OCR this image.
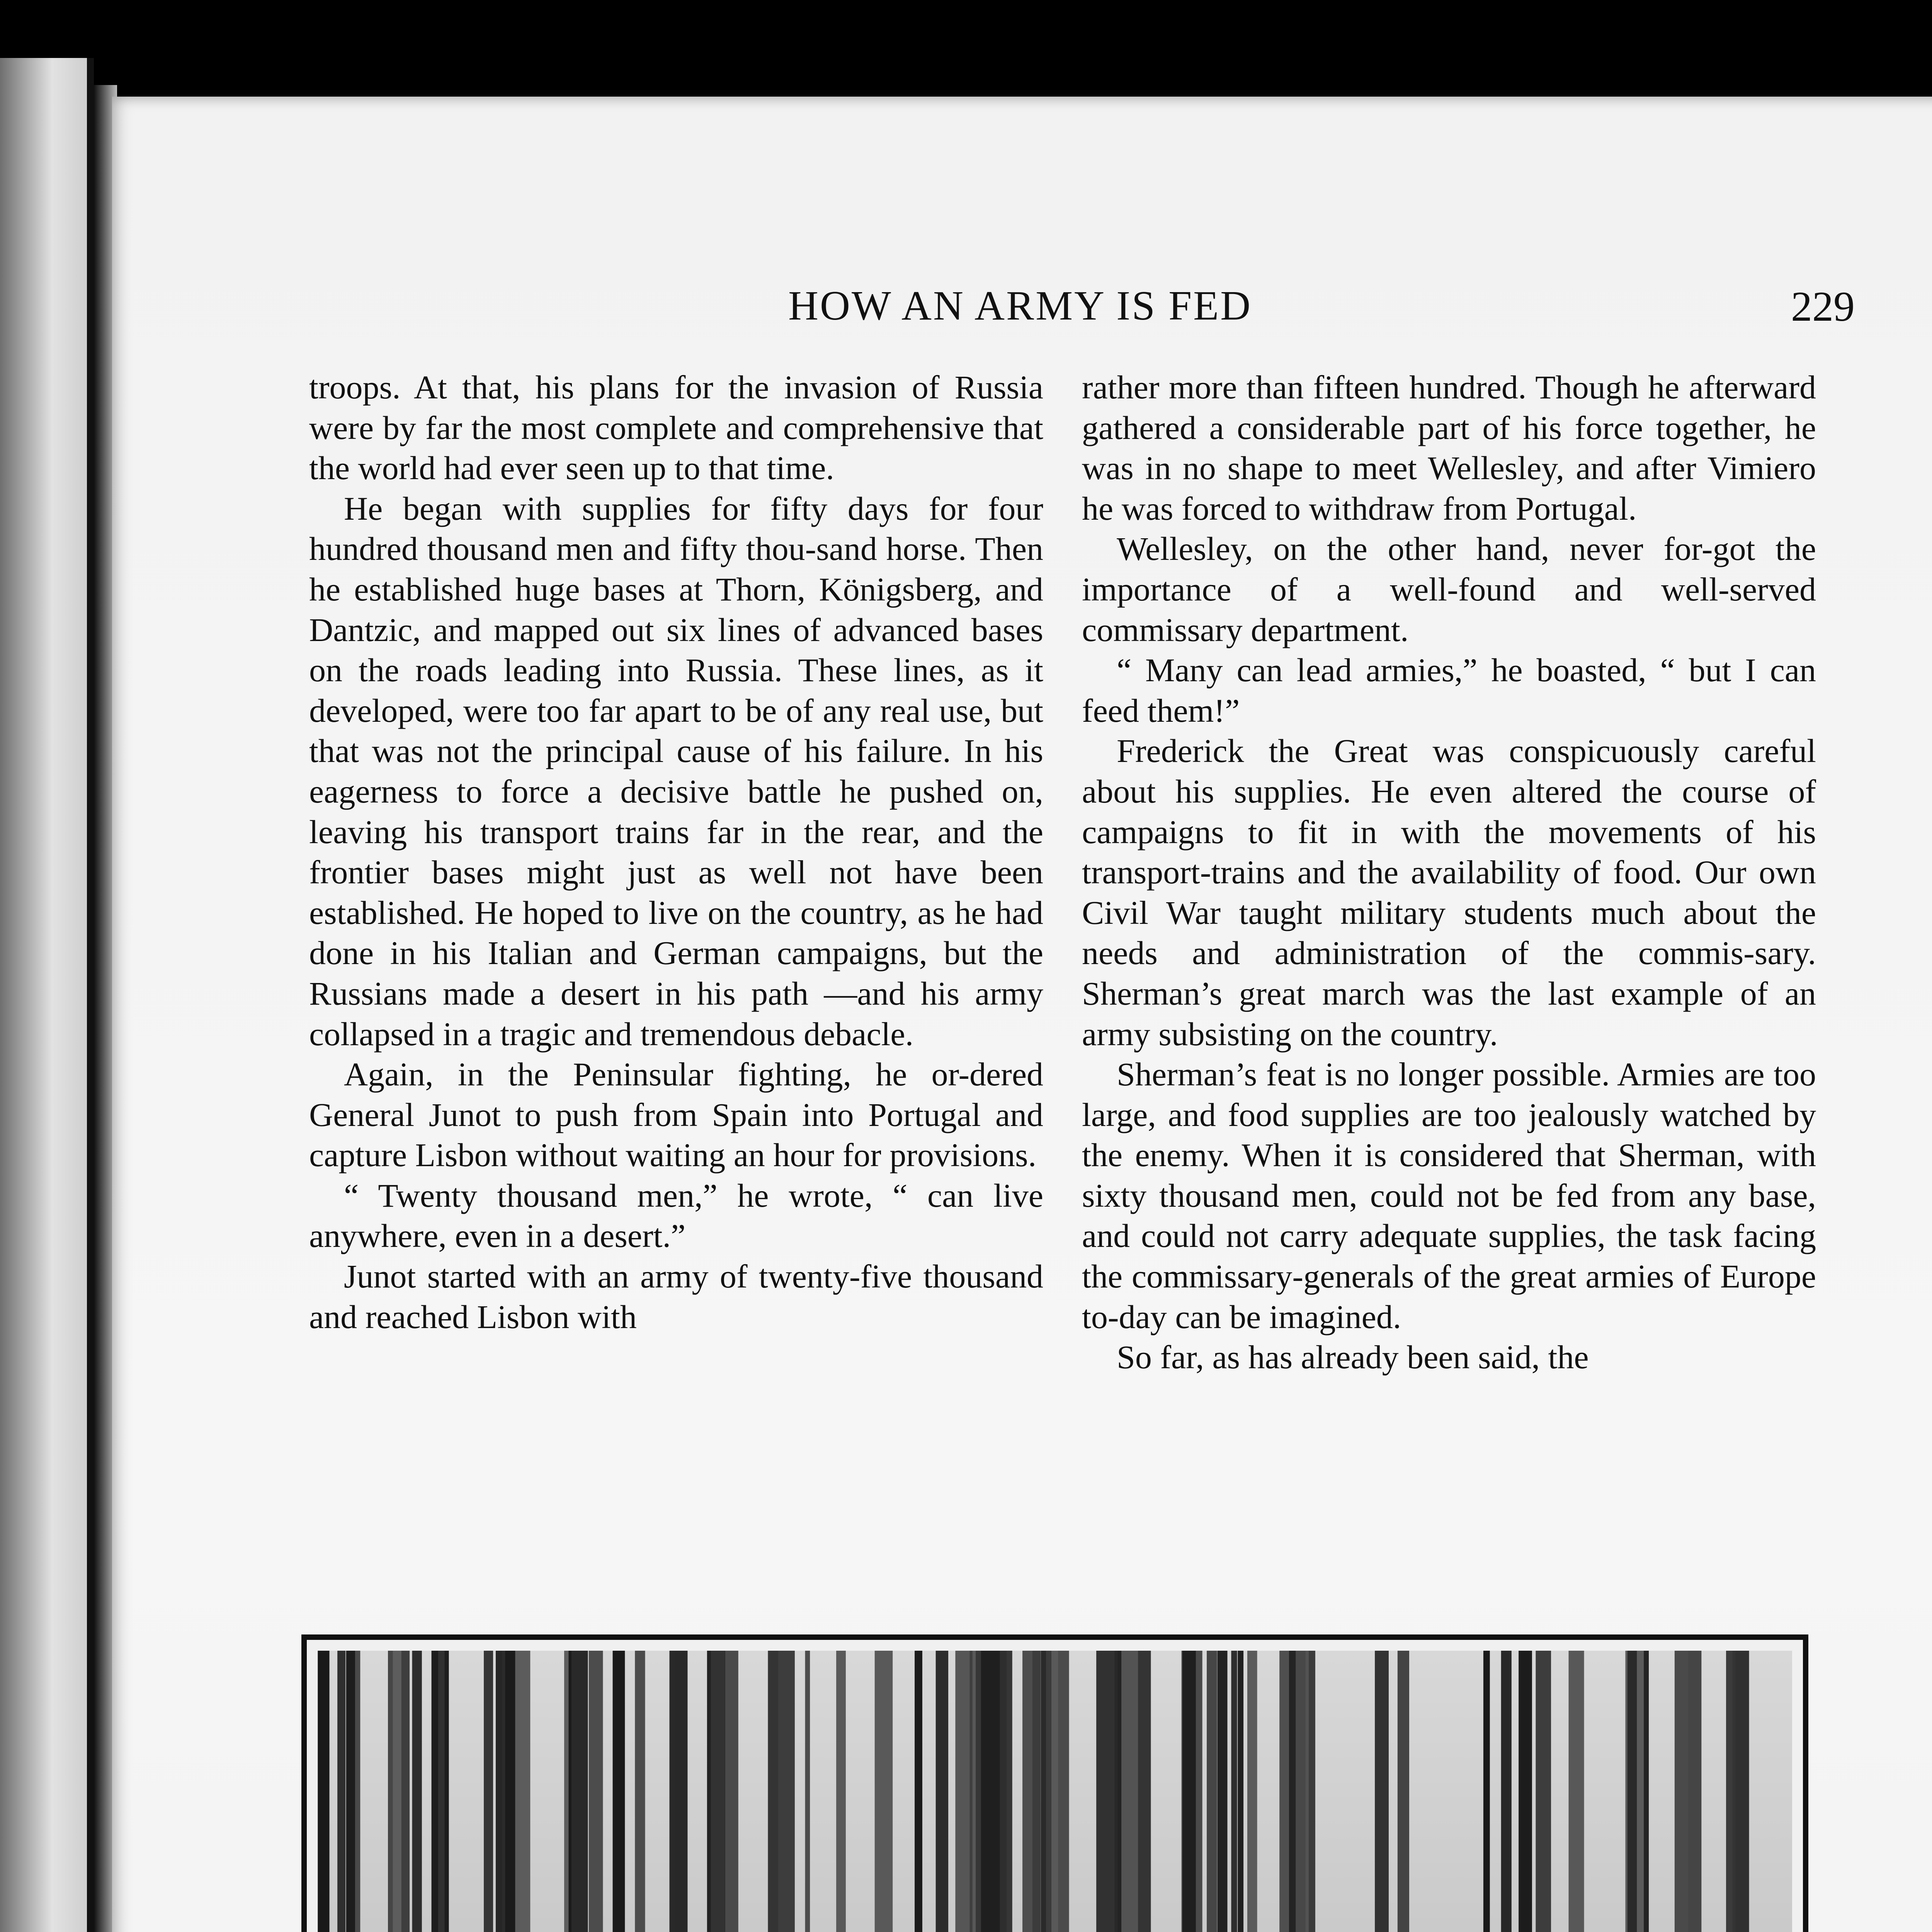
HOW AN ARMY IS FED	229

troops. At that, his plans for the invasion of Russia were by far the most complete and comprehensive that the world had ever seen up to that time.

He began with supplies for fifty days for four hundred thousand men and fifty thou-sand horse. Then he established huge bases at Thorn, Königsberg, and Dantzic, and mapped out six lines of advanced bases on the roads leading into Russia. These lines, as it developed, were too far apart to be of any real use, but that was not the principal cause of his failure. In his eagerness to force a decisive battle he pushed on, leaving his transport trains far in the rear, and the frontier bases might just as well not have been established. He hoped to live on the country, as he had done in his Italian and German campaigns, but the Russians made a desert in his path —and his army collapsed in a tragic and tremendous debacle.

Again, in the Peninsular fighting, he or-dered General Junot to push from Spain into Portugal and capture Lisbon without waiting an hour for provisions.

“ Twenty thousand men,” he wrote, “ can live anywhere, even in a desert.”

Junot started with an army of twenty-five thousand and reached Lisbon with

rather more than fifteen hundred. Though he afterward gathered a considerable part of his force together, he was in no shape to meet Wellesley, and after Vimiero he was forced to withdraw from Portugal.

Wellesley, on the other hand, never for-got the importance of a well-found and well-served commissary department.

“ Many can lead armies,” he boasted, “ but I can feed them!”

Frederick the Great was conspicuously careful about his supplies. He even altered the course of campaigns to fit in with the movements of his transport-trains and the availability of food. Our own Civil War taught military students much about the needs and administration of the commis-sary. Sherman’s great march was the last example of an army subsisting on the country.

Sherman’s feat is no longer possible. Armies are too large, and food supplies are too jealously watched by the enemy. When it is considered that Sherman, with sixty thousand men, could not be fed from any base, and could not carry adequate supplies, the task facing the commissary-generals of the great armies of Europe to-day can be imagined.

So far, as has already been said, the
